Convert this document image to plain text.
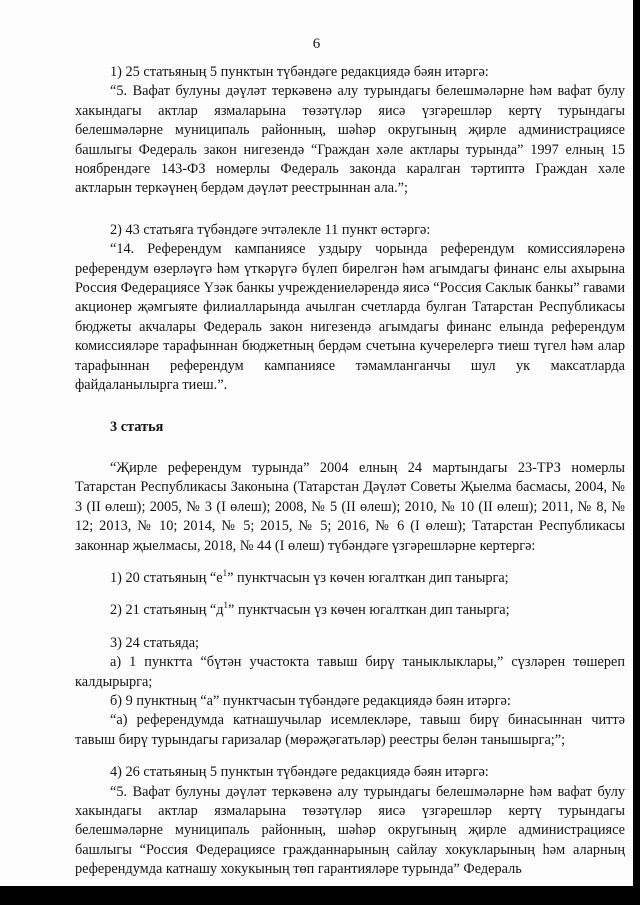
6

1) 25 статьяның 5 пунктын түбәндәге редакциядә бәян итәргә:

“5. Вафат булуны дәүләт теркәвенә алу турындагы белешмәләрне һәм вафат булу хакындагы актлар язмаларына төзәтүләр яисә үзгәрешләр кертү турындагы белешмәләрне муниципаль районның, шәһәр округының җирле администрациясе башлыгы Федераль закон нигезендә “Граждан хәле актлары турында” 1997 елның 15 ноябрендәге 143-ФЗ номерлы Федераль законда каралган тәртиптә Граждан хәле актларын теркәүнең бердәм дәүләт реестрыннан ала.”;

2) 43 статьяга түбәндәге эчтәлекле 11 пункт өстәргә:

“14. Референдум кампаниясе уздыру чорында референдум комиссияләренә референдум өзерләүгә һәм үткәрүгә бүлеп бирелгән һәм агымдагы финанс елы ахырына Россия Федерациясе Үзәк банкы учреждениеләрендә яисә “Россия Саклык банкы” гавами акционер җәмгыяте филиалларында ачылган счетларда булган Татарстан Республикасы бюджеты акчалары Федераль закон нигезендә агымдагы финанс елында референдум комиссияләре тарафыннан бюджетның бердәм счетына кучерелергә тиеш түгел һәм алар тарафыннан референдум кампаниясе тәмамланганчы шул ук максатларда файдаланылырга тиеш.”.

3 статья

“Җирле референдум турында” 2004 елның 24 мартындагы 23-ТРЗ номерлы Татарстан Республикасы Законына (Татарстан Дәүләт Советы Җыелма басмасы, 2004, № 3 (II өлеш); 2005, № 3 (I өлеш); 2008, № 5 (II өлеш); 2010, № 10 (II өлеш); 2011, № 8, № 12; 2013, № 10; 2014, № 5; 2015, № 5; 2016, № 6 (I өлеш); Татарстан Республикасы законнар җыелмасы, 2018, № 44 (I өлеш) түбәндәге үзгәрешләрне кертергә:

1) 20 статьяның “$е^1$” пунктчасын үз көчен югалткан дип танырга;

2) 21 статьяның “$д^1$” пунктчасын үз көчен югалткан дип танырга;

3) 24 статьяда;

а) 1 пунктта “бүтән участокта тавыш бирү таныклыклары,” сүзләрен төшереп калдырырга;

б) 9 пунктның “а” пунктчасын түбәндәге редакциядә бәян итәргә:

“а) референдумда катнашучылар исемлекләре, тавыш бирү бинасыннан читтә тавыш бирү турындагы гаризалар (мөрәҗәгатьләр) реестры белән танышырга;”;

4) 26 статьяның 5 пунктын түбәндәге редакциядә бәян итәргә:

“5. Вафат булуны дәүләт теркәвенә алу турындагы белешмәләрне һәм вафат булу хакындагы актлар язмаларына төзәтүләр яисә үзгәрешләр кертү турындагы белешмәләрне муниципаль районның, шәһәр округының җирле администрациясе башлыгы “Россия Федерациясе гражданнарының сайлау хокукларының һәм аларның референдумда катнашу хокукының төп гарантияләре турында” Федераль
